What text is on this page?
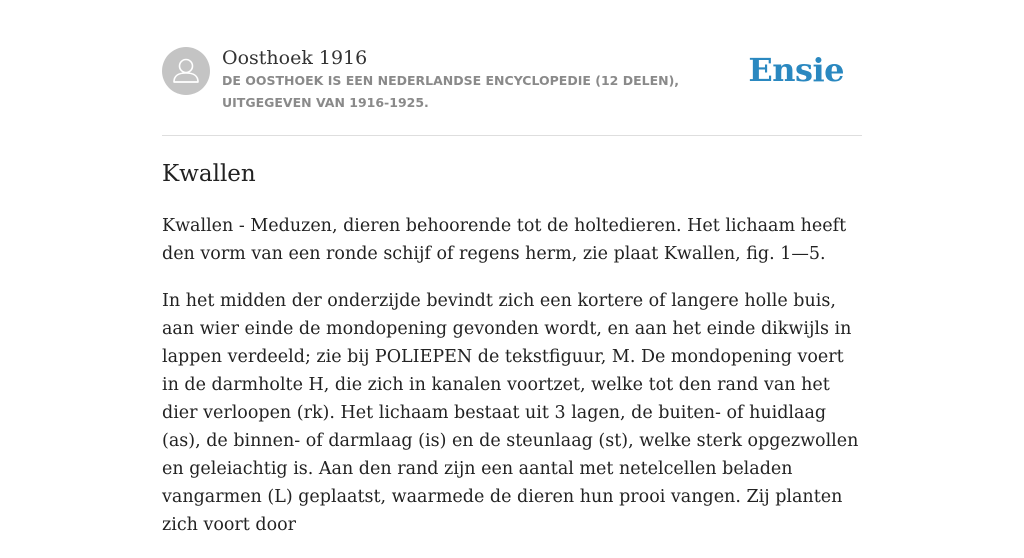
Oosthoek 1916

DE OOSTHOEK IS EEN NEDERLANDSE ENCYCLOPEDIE (12 DELEN), UITGEGEVEN VAN 1916-1925.

Ensie
Kwallen

Kwallen - Meduzen, dieren behoorende tot de holtedieren. Het lichaam heeft den vorm van een ronde schijf of regens herm, zie plaat Kwallen, fig. 1—5.

In het midden der onderzijde bevindt zich een kortere of langere holle buis, aan wier einde de mondopening gevonden wordt, en aan het einde dikwijls in lappen verdeeld; zie bij POLIEPEN de tekstfiguur, M. De mondopening voert in de darmholte H, die zich in kanalen voortzet, welke tot den rand van het dier verloopen (rk). Het lichaam bestaat uit 3 lagen, de buiten- of huidlaag (as), de binnen- of darmlaag (is) en de steunlaag (st), welke sterk opgezwollen en geleiachtig is. Aan den rand zijn een aantal met netelcellen beladen vangarmen (L) geplaatst, waarmede de dieren hun prooi vangen. Zij planten zich voort door
